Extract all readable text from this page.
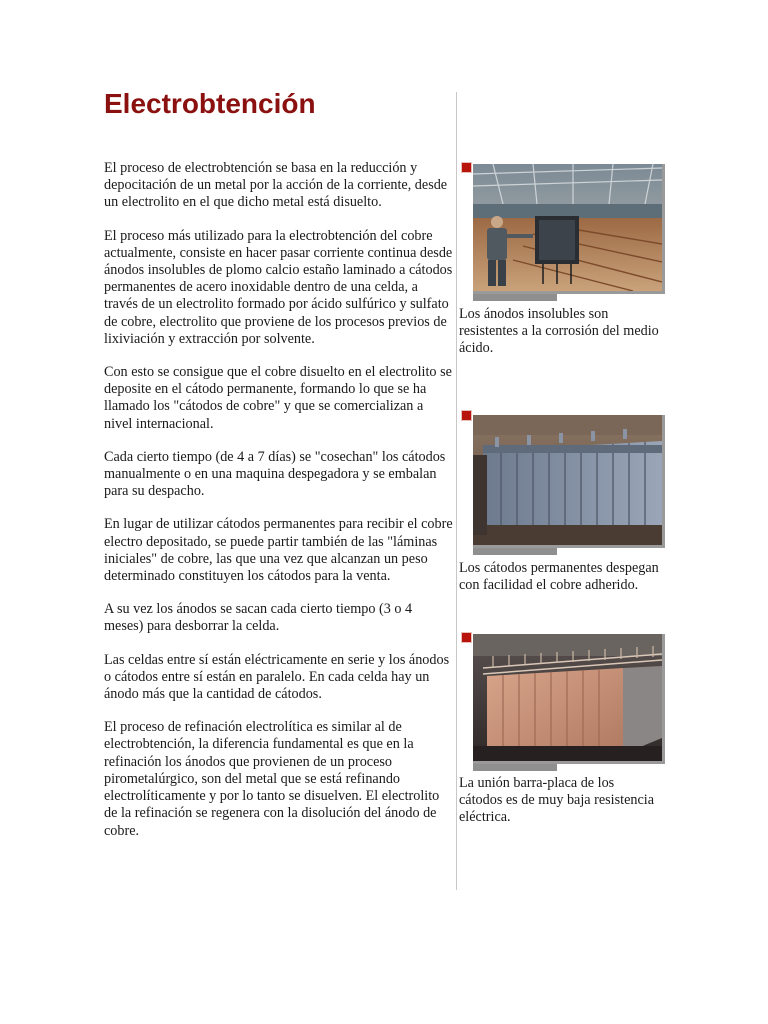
Electrobtención

El proceso de electrobtención se basa en la reducción y depocitación de un metal por la acción de la corriente, desde un electrolito en el que dicho metal está disuelto.

El proceso más utilizado para la electrobtención del cobre actualmente, consiste en hacer pasar corriente continua desde ánodos insolubles de plomo calcio estaño laminado a cátodos permanentes de acero inoxidable dentro de una celda, a través de un electrolito formado por ácido sulfúrico y sulfato de cobre, electrolito que proviene de los procesos previos de lixiviación y extracción por solvente.

Con esto se consigue que el cobre disuelto en el electrolito se deposite en el cátodo permanente, formando lo que se ha llamado los "cátodos de cobre" y que se comercializan a nivel internacional.

Cada cierto tiempo (de 4 a 7 días) se "cosechan" los cátodos manualmente o en una maquina despegadora y se embalan para su despacho.

En lugar de utilizar cátodos permanentes para recibir el cobre electro depositado, se puede partir también de las "láminas iniciales" de cobre, las que una vez que alcanzan un peso determinado constituyen los cátodos para la venta.

A su vez los ánodos se sacan cada cierto tiempo (3 o 4 meses) para desborrar la celda.

Las celdas entre sí están eléctricamente en serie y los ánodos o cátodos entre sí están en paralelo. En cada celda hay un ánodo más que la cantidad de cátodos.

El proceso de refinación electrolítica es similar al de electrobtención, la diferencia fundamental es que en la refinación los ánodos que provienen de un proceso pirometalúrgico, son del metal que se está refinando electrolíticamente y por lo tanto se disuelven. El electrolito de la refinación se regenera con la disolución del ánodo de cobre.

Los ánodos insolubles son resistentes a la corrosión del medio ácido.

Los cátodos permanentes despegan con facilidad el cobre adherido.

La unión barra-placa de los cátodos es de muy baja resistencia eléctrica.
